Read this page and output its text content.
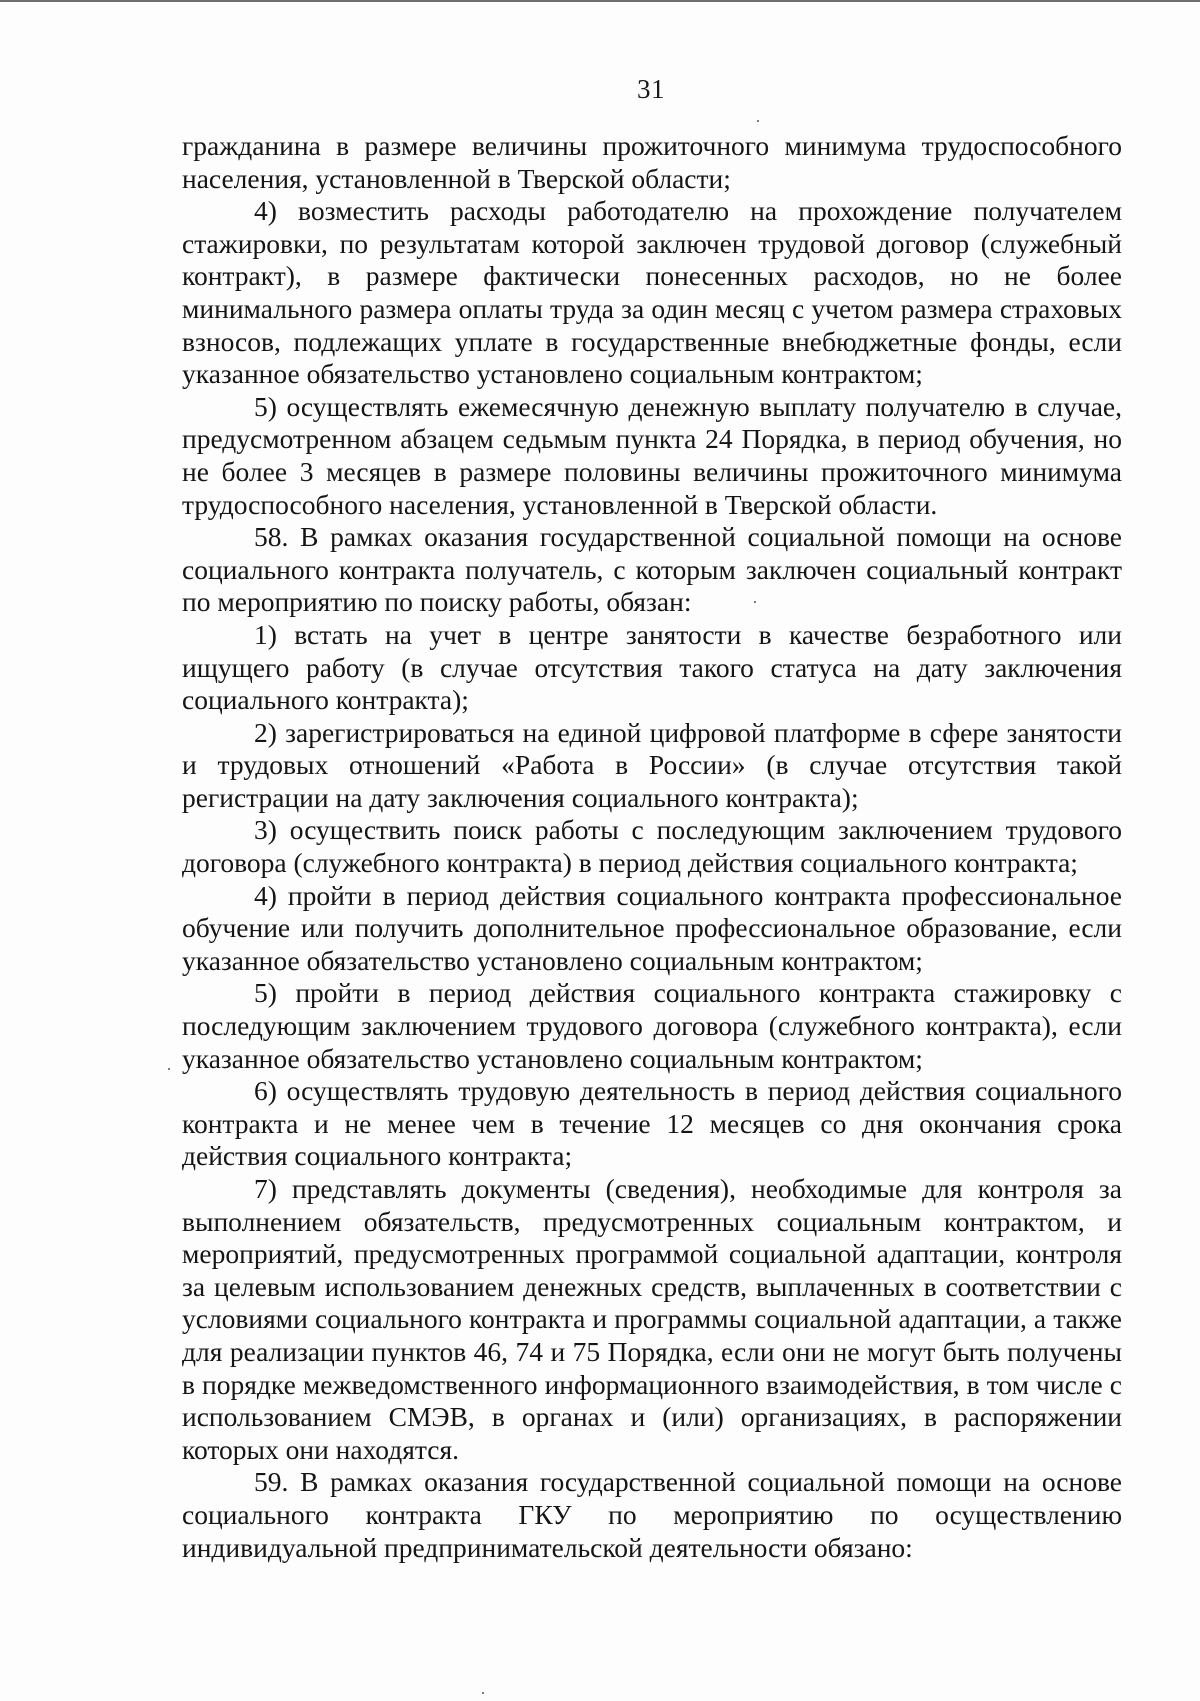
31

гражданина в размере величины прожиточного минимума трудоспособного населения, установленной в Тверской области;

4) возместить расходы работодателю на прохождение получателем стажировки, по результатам которой заключен трудовой договор (служебный контракт), в размере фактически понесенных расходов, но не более минимального размера оплаты труда за один месяц с учетом размера страховых взносов, подлежащих уплате в государственные внебюджетные фонды, если указанное обязательство установлено социальным контрактом;

5) осуществлять ежемесячную денежную выплату получателю в случае, предусмотренном абзацем седьмым пункта 24 Порядка, в период обучения, но не более 3 месяцев в размере половины величины прожиточного минимума трудоспособного населения, установленной в Тверской области.

58. В рамках оказания государственной социальной помощи на основе социального контракта получатель, с которым заключен социальный контракт по мероприятию по поиску работы, обязан:

1) встать на учет в центре занятости в качестве безработного или ищущего работу (в случае отсутствия такого статуса на дату заключения социального контракта);

2) зарегистрироваться на единой цифровой платформе в сфере занятости и трудовых отношений «Работа в России» (в случае отсутствия такой регистрации на дату заключения социального контракта);

3) осуществить поиск работы с последующим заключением трудового договора (служебного контракта) в период действия социального контракта;

4) пройти в период действия социального контракта профессиональное обучение или получить дополнительное профессиональное образование, если указанное обязательство установлено социальным контрактом;

5) пройти в период действия социального контракта стажировку с последующим заключением трудового договора (служебного контракта), если указанное обязательство установлено социальным контрактом;

6) осуществлять трудовую деятельность в период действия социального контракта и не менее чем в течение 12 месяцев со дня окончания срока действия социального контракта;

7) представлять документы (сведения), необходимые для контроля за выполнением обязательств, предусмотренных социальным контрактом, и мероприятий, предусмотренных программой социальной адаптации, контроля за целевым использованием денежных средств, выплаченных в соответствии с условиями социального контракта и программы социальной адаптации, а также для реализации пунктов 46, 74 и 75 Порядка, если они не могут быть получены в порядке межведомственного информационного взаимодействия, в том числе с использованием СМЭВ, в органах и (или) организациях, в распоряжении которых они находятся.

59. В рамках оказания государственной социальной помощи на основе социального контракта ГКУ по мероприятию по осуществлению индивидуальной предпринимательской деятельности обязано:
